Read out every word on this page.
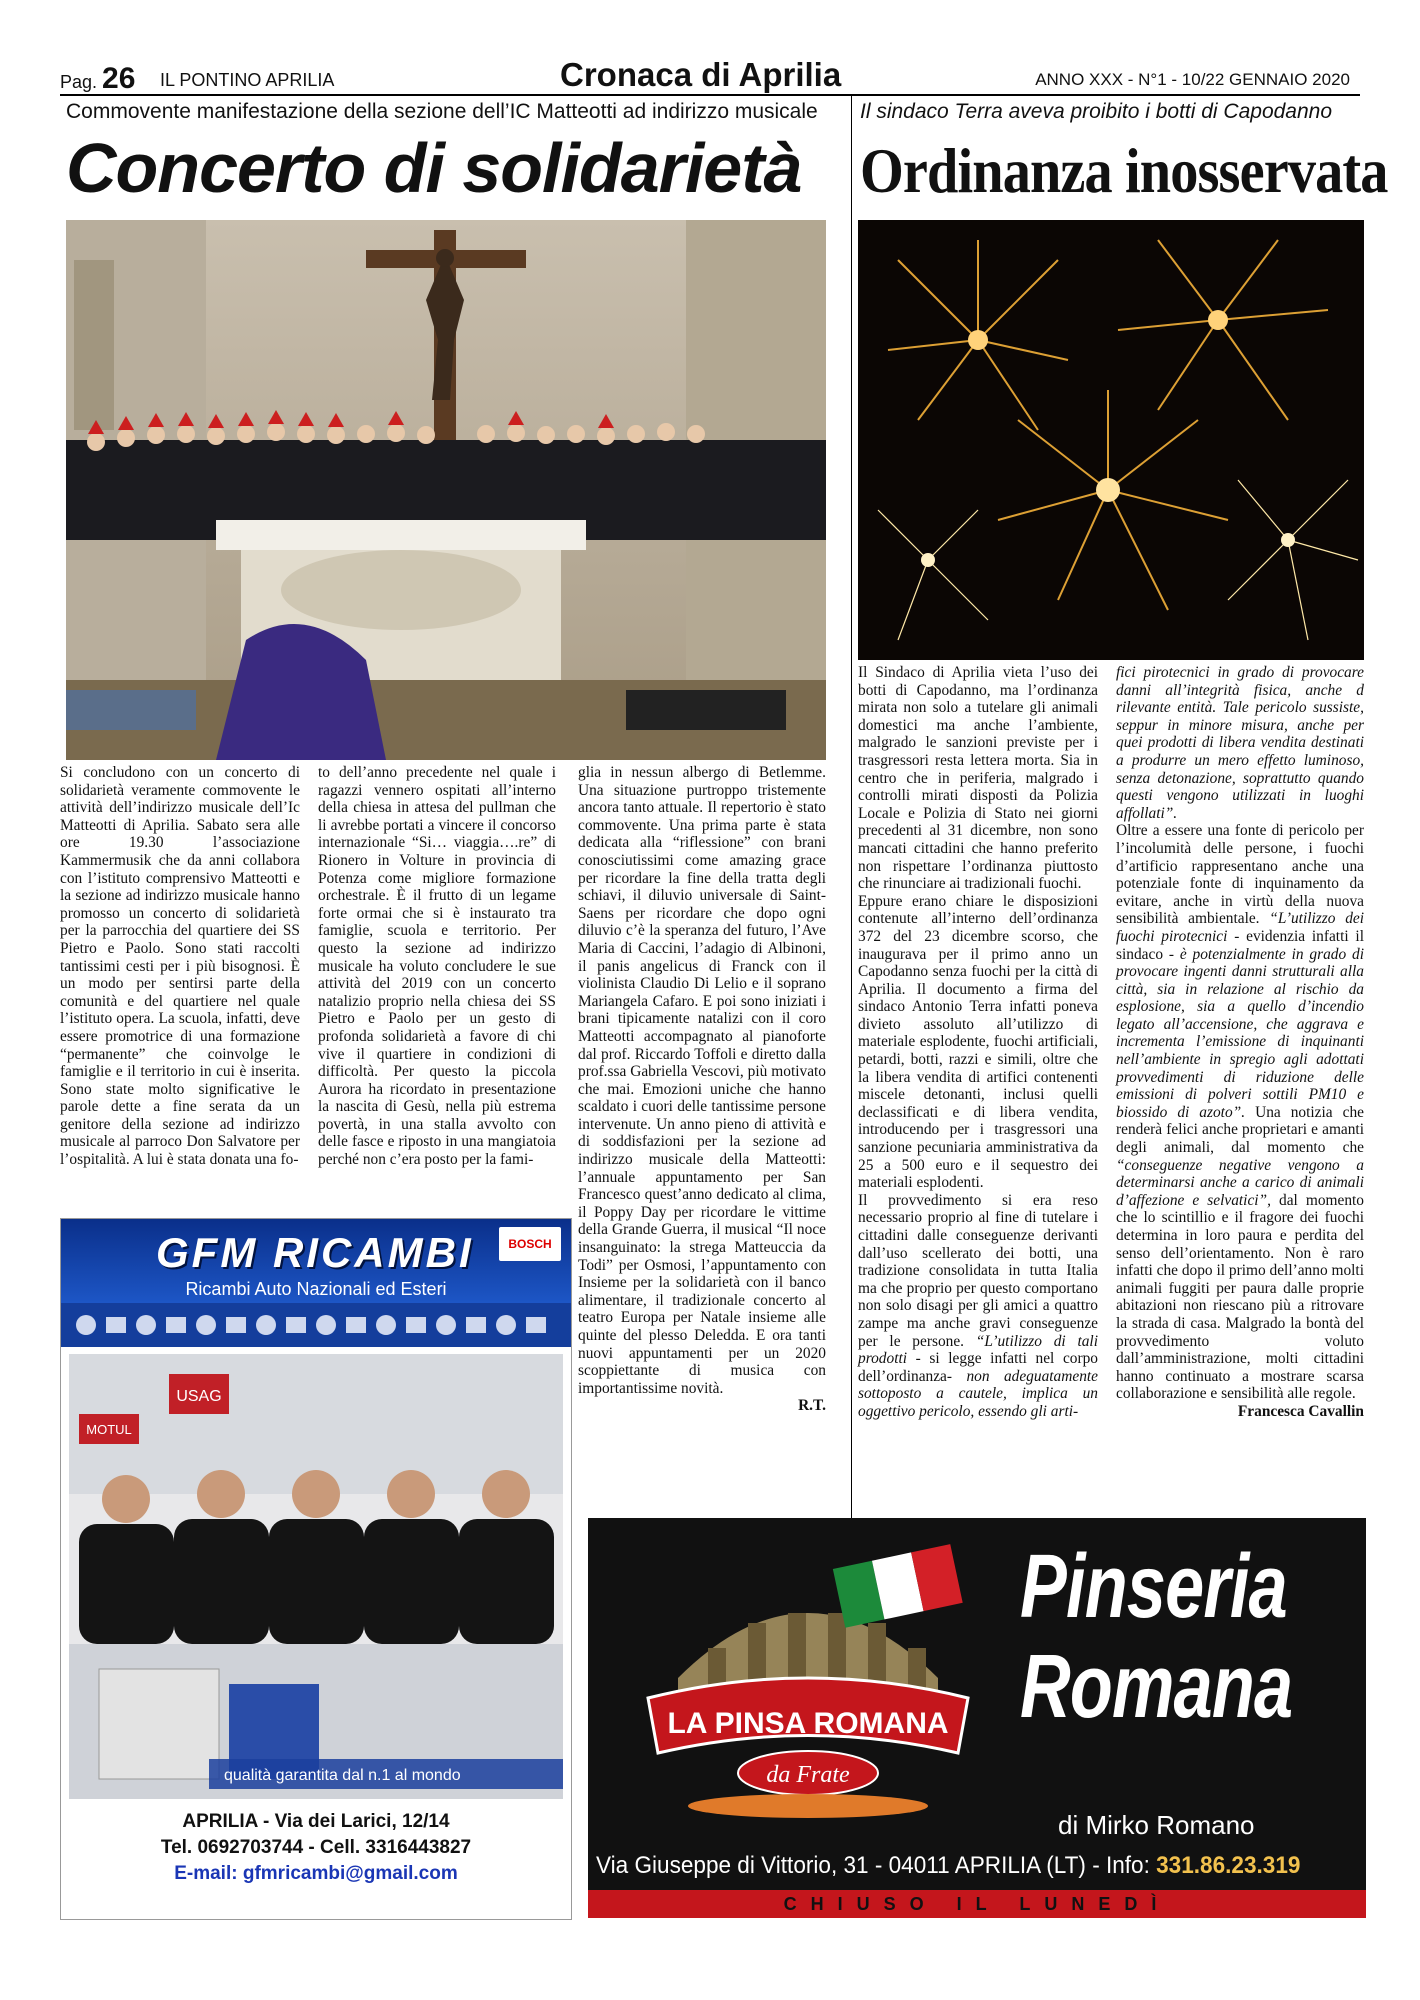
Pag. 26 IL PONTINO APRILIA	Cronaca di Aprilia	ANNO XXX - N°1 - 10/22 GENNAIO 2020
Commovente manifestazione della sezione dell’IC Matteotti ad indirizzo musicale
Concerto di solidarietà
Il sindaco Terra aveva proibito i botti di Capodanno
Ordinanza inosservata

Si concludono con un concerto di solidarietà veramente commovente le attività dell’indirizzo musicale dell’Ic Matteotti di Aprilia. Sabato sera alle ore 19.30 l’associazione Kammermusik che da anni collabora con l’istituto comprensivo Matteotti e la sezione ad indirizzo musicale hanno promosso un concerto di solidarietà per la parrocchia del quartiere dei SS Pietro e Paolo. Sono stati raccolti tantissimi cesti per i più bisognosi. È un modo per sentirsi parte della comunità e del quartiere nel quale l’istituto opera. La scuola, infatti, deve essere promotrice di una formazione “permanente” che coinvolge le famiglie e il territorio in cui è inserita. Sono state molto significative le parole dette a fine serata da un genitore della sezione ad indirizzo musicale al parroco Don Salvatore per l’ospitalità. A lui è stata donata una fo-

to dell’anno precedente nel quale i ragazzi vennero ospitati all’interno della chiesa in attesa del pullman che li avrebbe portati a vincere il concorso internazionale “Si… viaggia….re” di Rionero in Volture in provincia di Potenza come migliore formazione orchestrale. È il frutto di un legame forte ormai che si è instaurato tra famiglie, scuola e territorio. Per questo la sezione ad indirizzo musicale ha voluto concludere le sue attività del 2019 con un concerto natalizio proprio nella chiesa dei SS Pietro e Paolo per un gesto di profonda solidarietà a favore di chi vive il quartiere in condizioni di difficoltà. Per questo la piccola Aurora ha ricordato in presentazione la nascita di Gesù, nella più estrema povertà, in una stalla avvolto con delle fasce e riposto in una mangiatoia perché non c’era posto per la fami-

glia in nessun albergo di Betlemme. Una situazione purtroppo tristemente ancora tanto attuale. Il repertorio è stato commovente. Una prima parte è stata dedicata alla “riflessione” con brani conosciutissimi come amazing grace per ricordare la fine della tratta degli schiavi, il diluvio universale di Saint-Saens per ricordare che dopo ogni diluvio c’è la speranza del futuro, l’Ave Maria di Caccini, l’adagio di Albinoni, il panis angelicus di Franck con il violinista Claudio Di Lelio e il soprano Mariangela Cafaro. E poi sono iniziati i brani tipicamente natalizi con il coro Matteotti accompagnato al pianoforte dal prof. Riccardo Toffoli e diretto dalla prof.ssa Gabriella Vescovi, più motivato che mai. Emozioni uniche che hanno scaldato i cuori delle tantissime persone intervenute. Un anno pieno di attività e di soddisfazioni per la sezione ad indirizzo musicale della Matteotti: l’annuale appuntamento per San Francesco quest’anno dedicato al clima, il Poppy Day per ricordare le vittime della Grande Guerra, il musical “Il noce insanguinato: la strega Matteuccia da Todi” per Osmosi, l’appuntamento con Insieme per la solidarietà con il banco alimentare, il tradizionale concerto al teatro Europa per Natale insieme alle quinte del plesso Deledda. E ora tanti nuovi appuntamenti per un 2020 scoppiettante di musica con importantissime novità.

R.T.

Il Sindaco di Aprilia vieta l’uso dei botti di Capodanno, ma l’ordinanza mirata non solo a tutelare gli animali domestici ma anche l’ambiente, malgrado le sanzioni previste per i trasgressori resta lettera morta. Sia in centro che in periferia, malgrado i controlli mirati disposti da Polizia Locale e Polizia di Stato nei giorni precedenti al 31 dicembre, non sono mancati cittadini che hanno preferito non rispettare l’ordinanza piuttosto che rinunciare ai tradizionali fuochi.

Eppure erano chiare le disposizioni contenute all’interno dell’ordinanza 372 del 23 dicembre scorso, che inaugurava per il primo anno un Capodanno senza fuochi per la città di Aprilia. Il documento a firma del sindaco Antonio Terra infatti poneva divieto assoluto all’utilizzo di materiale esplodente, fuochi artificiali, petardi, botti, razzi e simili, oltre che la libera vendita di artifici contenenti miscele detonanti, inclusi quelli declassificati e di libera vendita, introducendo per i trasgressori una sanzione pecuniaria amministrativa da 25 a 500 euro e il sequestro dei materiali esplodenti.

Il provvedimento si era reso necessario proprio al fine di tutelare i cittadini dalle conseguenze derivanti dall’uso scellerato dei botti, una tradizione consolidata in tutta Italia ma che proprio per questo comportano non solo disagi per gli amici a quattro zampe ma anche gravi conseguenze per le persone. “L’utilizzo di tali prodotti - si legge infatti nel corpo dell’ordinanza- non adeguatamente sottoposto a cautele, implica un oggettivo pericolo, essendo gli arti-

fici pirotecnici in grado di provocare danni all’integrità fisica, anche d rilevante entità. Tale pericolo sussiste, seppur in minore misura, anche per quei prodotti di libera vendita destinati a produrre un mero effetto luminoso, senza detonazione, soprattutto quando questi vengono utilizzati in luoghi affollati”.

Oltre a essere una fonte di pericolo per l’incolumità delle persone, i fuochi d’artificio rappresentano anche una potenziale fonte di inquinamento da evitare, anche in virtù della nuova sensibilità ambientale. “L’utilizzo dei fuochi pirotecnici - evidenzia infatti il sindaco - è potenzialmente in grado di provocare ingenti danni strutturali alla città, sia in relazione al rischio da esplosione, sia a quello d’incendio legato all’accensione, che aggrava e incrementa l’emissione di inquinanti nell’ambiente in spregio agli adottati provvedimenti di riduzione delle emissioni di polveri sottili PM10 e biossido di azoto”. Una notizia che renderà felici anche proprietari e amanti degli animali, dal momento che “conseguenze negative vengono a determinarsi anche a carico di animali d’affezione e selvatici”, dal momento che lo scintillio e il fragore dei fuochi determina in loro paura e perdita del senso dell’orientamento. Non è raro infatti che dopo il primo dell’anno molti animali fuggiti per paura dalle proprie abitazioni non riescano più a ritrovare la strada di casa. Malgrado la bontà del provvedimento voluto dall’amministrazione, molti cittadini hanno continuato a mostrare scarsa collaborazione e sensibilità alle regole.

Francesca Cavallin

GFM RICAMBI	BOSCH
Ricambi Auto Nazionali ed Esteri
USAG
MOTUL
qualità garantita dal n.1 al mondo
APRILIA - Via dei Larici, 12/14
Tel. 0692703744 - Cell. 3316443827
E-mail: gfmricambi@gmail.com
LA PINSA ROMANA
da Frate
Pinseria
Romana
di Mirko Romano
Via Giuseppe di Vittorio, 31 - 04011 APRILIA (LT) - Info: 331.86.23.319
CHIUSO IL LUNEDÌ
